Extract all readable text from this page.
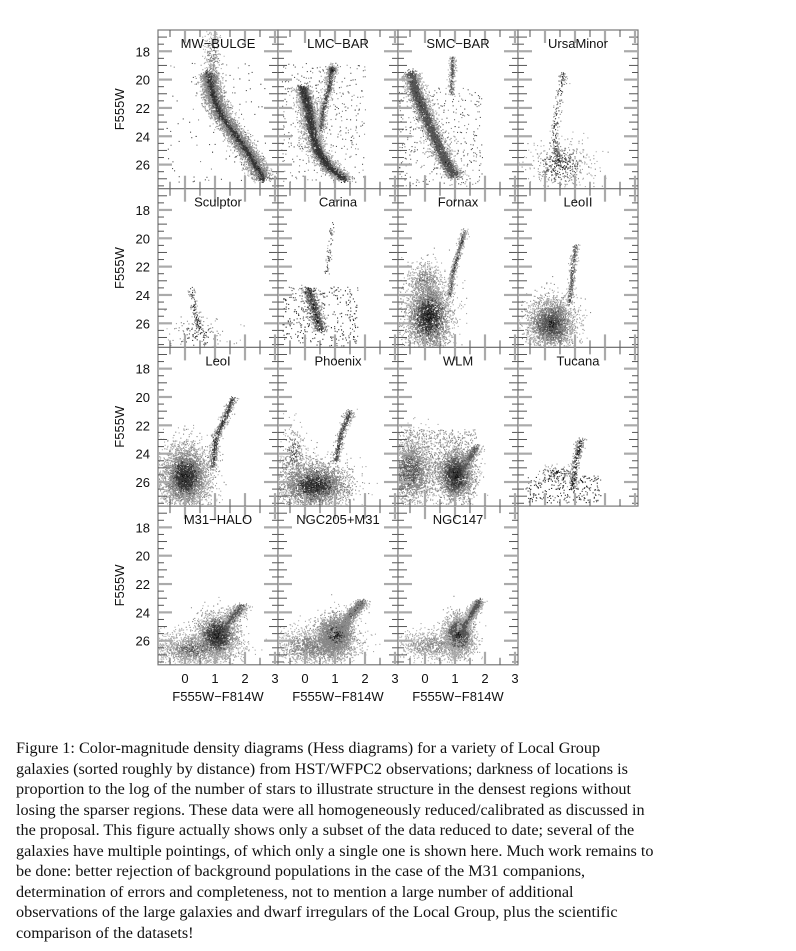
MW−BULGE	LMC−BAR	SMC−BAR	UrsaMinor
Sculptor	Carina	Fornax	LeoII
LeoI	Phoenix	WLM	Tucana
M31−HALO	NGC205+M31	NGC147
18
20
22
24
26
F555W
18
20
22
24
26
F555W
18
20
22
24
26
F555W
18
20
22
24
26
F555W
0 1 2 3
F555W−F814W
0 1 2 3
F555W−F814W
0 1 2 3
F555W−F814W
Figure 1: Color-magnitude density diagrams (Hess diagrams) for a variety of Local Group
galaxies (sorted roughly by distance) from HST/WFPC2 observations; darkness of locations is
proportion to the log of the number of stars to illustrate structure in the densest regions without
losing the sparser regions. These data were all homogeneously reduced/calibrated as discussed in
the proposal. This figure actually shows only a subset of the data reduced to date; several of the
galaxies have multiple pointings, of which only a single one is shown here. Much work remains to
be done: better rejection of background populations in the case of the M31 companions,
determination of errors and completeness, not to mention a large number of additional
observations of the large galaxies and dwarf irregulars of the Local Group, plus the scientific
comparison of the datasets!
